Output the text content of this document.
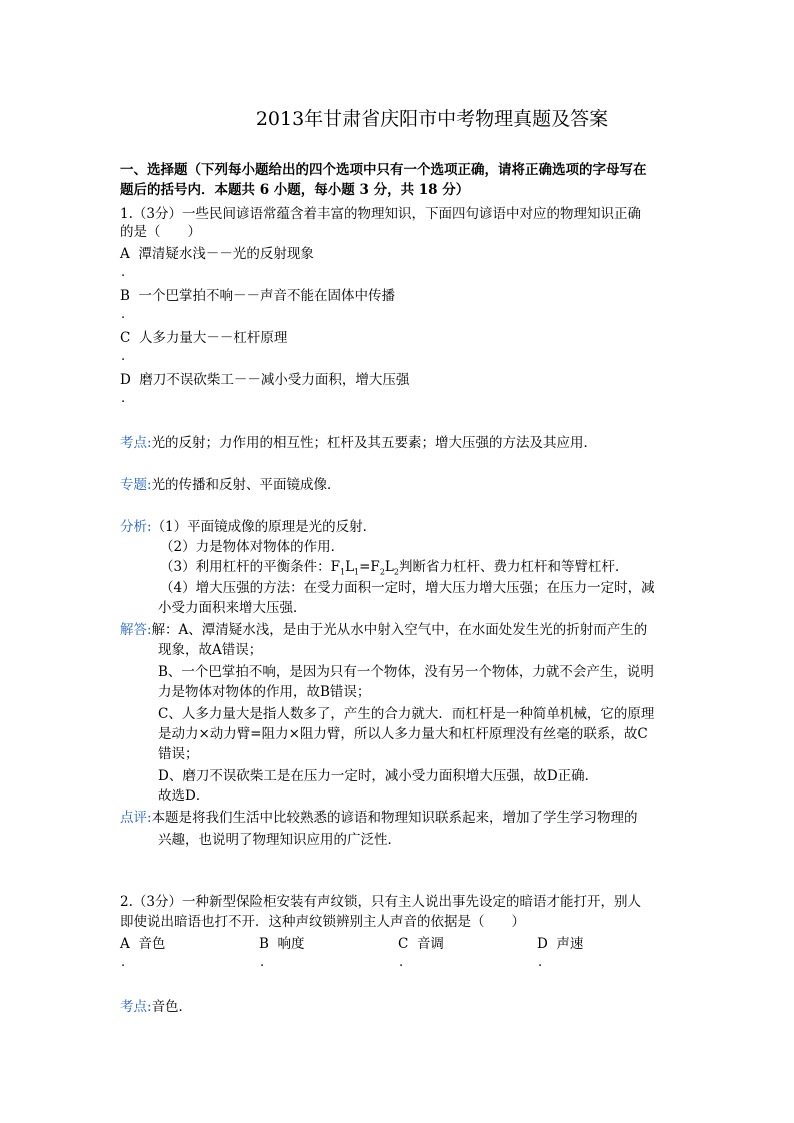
2013年甘肃省庆阳市中考物理真题及答案
一、选择题（下列每小题给出的四个选项中只有一个选项正确，请将正确选项的字母写在
题后的括号内．本题共 6 小题，每小题 3 分，共 18 分）
1.（3分）一些民间谚语常蕴含着丰富的物理知识，下面四句谚语中对应的物理知识正确
的是（　　）
A 潭清疑水浅－－光的反射现象
.
B 一个巴掌拍不响－－声音不能在固体中传播
.
C 人多力量大－－杠杆原理
.
D 磨刀不误砍柴工－－减小受力面积，增大压强
.
考点:光的反射；力作用的相互性；杠杆及其五要素；增大压强的方法及其应用．
专题:光的传播和反射、平面镜成像．
分析:（1）平面镜成像的原理是光的反射．
（2）力是物体对物体的作用．
（3）利用杠杆的平衡条件：$F_1L_1=F_2L_2$判断省力杠杆、费力杠杆和等臂杠杆．
（4）增大压强的方法：在受力面积一定时，增大压力增大压强；在压力一定时，减
小受力面积来增大压强．
解答:解：A、潭清疑水浅，是由于光从水中射入空气中，在水面处发生光的折射而产生的
现象，故A错误；
B、一个巴掌拍不响，是因为只有一个物体，没有另一个物体，力就不会产生，说明
力是物体对物体的作用，故B错误；
C、人多力量大是指人数多了，产生的合力就大．而杠杆是一种简单机械，它的原理
是动力×动力臂=阻力×阻力臂，所以人多力量大和杠杆原理没有丝毫的联系，故C
错误；
D、磨刀不误砍柴工是在压力一定时，减小受力面积增大压强，故D正确．
故选D．
点评:本题是将我们生活中比较熟悉的谚语和物理知识联系起来，增加了学生学习物理的
兴趣，也说明了物理知识应用的广泛性．
2.（3分）一种新型保险柜安装有声纹锁，只有主人说出事先设定的暗语才能打开，别人
即使说出暗语也打不开．这种声纹锁辨别主人声音的依据是（　　）
A 音色
.
B 响度
.
C 音调
.
D 声速
.
考点:音色．
